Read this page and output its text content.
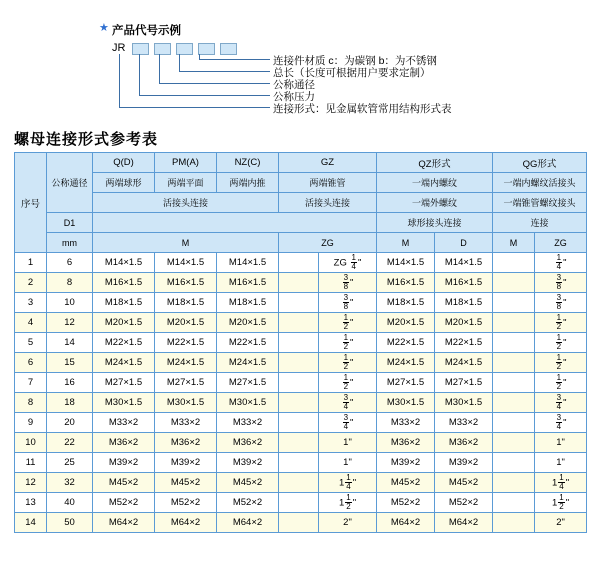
★ 产品代号示例
JR
连接件材质 c：为碳钢 b：为不锈钢
总长（长度可根据用户要求定制）
公称通径
公称压力
连接形式：见金属软管常用结构形式表
螺母连接形式参考表
序号	公称通径	Q(D)	PM(A)	NZ(C)	GZ		QZ形式		QG形式	
		两端球形	两端平面	两端内推	两端锥管		一端内螺纹		一端内螺纹活接头	
		活接头连接			活接头连接		一端外螺纹		一端锥管螺纹接头	
	D1						球形接头连接		连接	
	mm	M			ZG		M	D	M	ZG
1	6	M14×1.5	M14×1.5	M14×1.5		ZG $\frac{1}{4}$ "	M14×1.5	M14×1.5		$\frac{1}{4}$ "
2	8	M16×1.5	M16×1.5	M16×1.5		$\frac{3}{8}$ "	M16×1.5	M16×1.5		$\frac{3}{8}$ "
3	10	M18×1.5	M18×1.5	M18×1.5		$\frac{3}{8}$ "	M18×1.5	M18×1.5		$\frac{3}{8}$ "
4	12	M20×1.5	M20×1.5	M20×1.5		$\frac{1}{2}$ "	M20×1.5	M20×1.5		$\frac{1}{2}$ "
5	14	M22×1.5	M22×1.5	M22×1.5		$\frac{1}{2}$ "	M22×1.5	M22×1.5		$\frac{1}{2}$ "
6	15	M24×1.5	M24×1.5	M24×1.5		$\frac{1}{2}$ "	M24×1.5	M24×1.5		$\frac{1}{2}$ "
7	16	M27×1.5	M27×1.5	M27×1.5		$\frac{1}{2}$ "	M27×1.5	M27×1.5		$\frac{1}{2}$ "
8	18	M30×1.5	M30×1.5	M30×1.5		$\frac{3}{4}$ "	M30×1.5	M30×1.5		$\frac{3}{4}$ "
9	20	M33×2	M33×2	M33×2		$\frac{3}{4}$ "	M33×2	M33×2		$\frac{3}{4}$ "
10	22	M36×2	M36×2	M36×2		1"	M36×2	M36×2		1"
11	25	M39×2	M39×2	M39×2		1"	M39×2	M39×2		1"
12	32	M45×2	M45×2	M45×2		$1 \frac{1}{4}$ "	M45×2	M45×2		$1 \frac{1}{4}$ "
13	40	M52×2	M52×2	M52×2		$1 \frac{1}{2}$ "	M52×2	M52×2		$1 \frac{1}{2}$ "
14	50	M64×2	M64×2	M64×2		2"	M64×2	M64×2		2"
